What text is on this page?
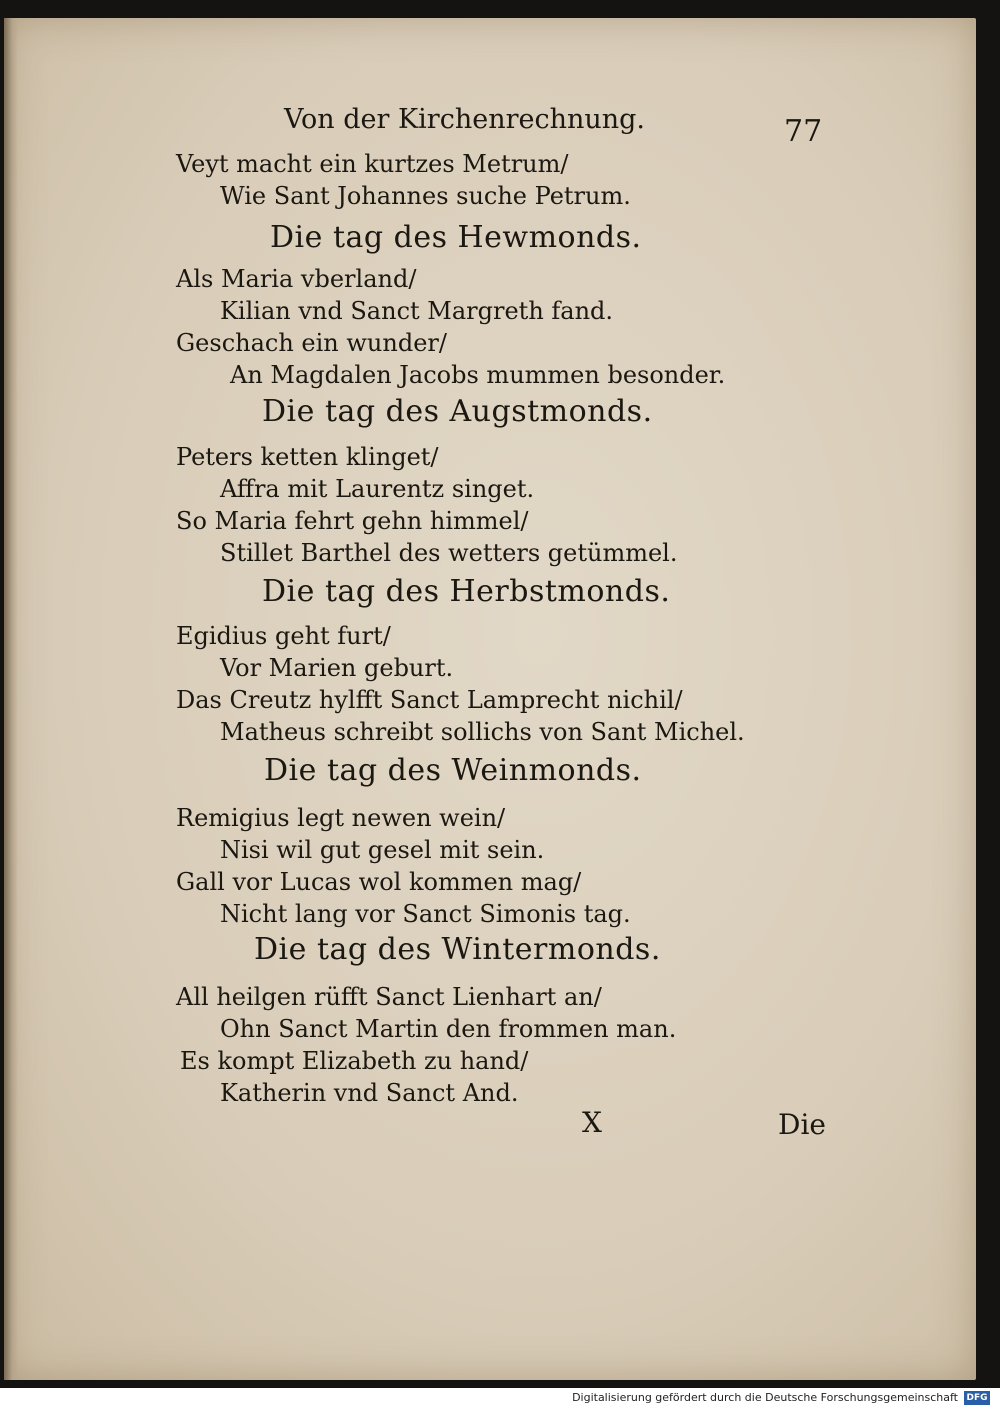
Von der Kirchenrechnung.	77
Veyt macht ein kurtzes Metrum/
Wie Sant Johannes suche Petrum.
Die tag des Hewmonds.
Als Maria vberland/
Kilian vnd Sanct Margreth fand.
Geschach ein wunder/
An Magdalen Jacobs mummen besonder.
Die tag des Augstmonds.
Peters ketten klinget/
Affra mit Laurentz singet.
So Maria fehrt gehn himmel/
Stillet Barthel des wetters getümmel.
Die tag des Herbstmonds.
Egidius geht furt/
Vor Marien geburt.
Das Creutz hylfft Sanct Lamprecht nichil/
Matheus schreibt sollichs von Sant Michel.
Die tag des Weinmonds.
Remigius legt newen wein/
Nisi wil gut gesel mit sein.
Gall vor Lucas wol kommen mag/
Nicht lang vor Sanct Simonis tag.
Die tag des Wintermonds.
All heilgen rüfft Sanct Lienhart an/
Ohn Sanct Martin den frommen man.
Es kompt Elizabeth zu hand/
Katherin vnd Sanct And.
X	Die
Digitalisierung gefördert durch die Deutsche Forschungsgemeinschaft DFG
